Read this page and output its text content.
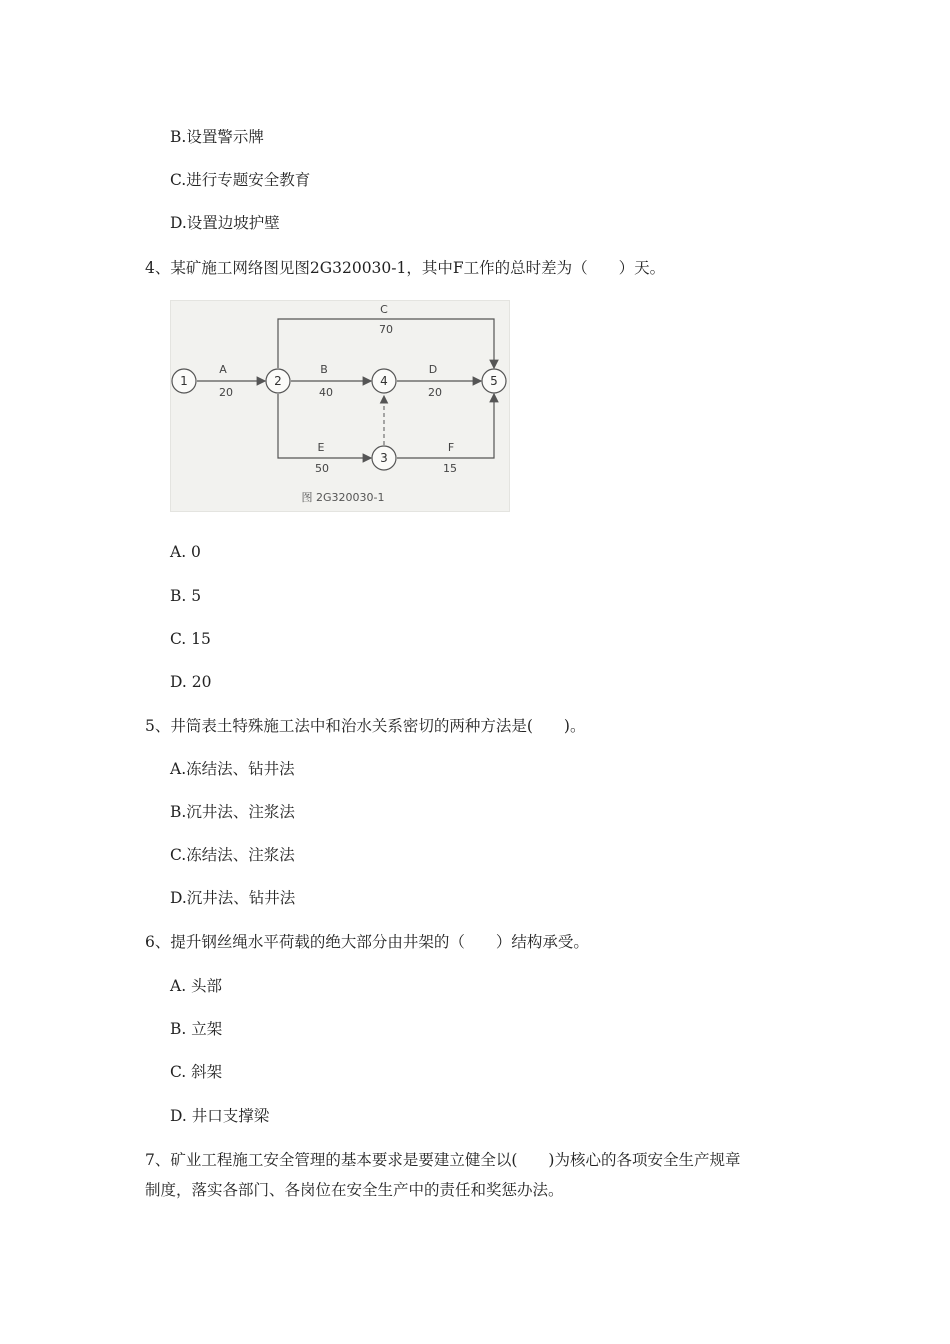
B.设置警示牌
C.进行专题安全教育
D.设置边坡护壁
4、某矿施工网络图见图2G320030-1，其中F工作的总时差为（　　）天。
A
20
B
40
C
70
D
20
E
50
F
15
1	2
3
4	5
图 2G320030-1
A. 0
B. 5
C. 15
D. 20
5、井筒表土特殊施工法中和治水关系密切的两种方法是(　　)。
A.冻结法、钻井法
B.沉井法、注浆法
C.冻结法、注浆法
D.沉井法、钻井法
6、提升钢丝绳水平荷载的绝大部分由井架的（　　）结构承受。
A. 头部
B. 立架
C. 斜架
D. 井口支撑梁
7、矿业工程施工安全管理的基本要求是要建立健全以(　　)为核心的各项安全生产规章
制度，落实各部门、各岗位在安全生产中的责任和奖惩办法。
